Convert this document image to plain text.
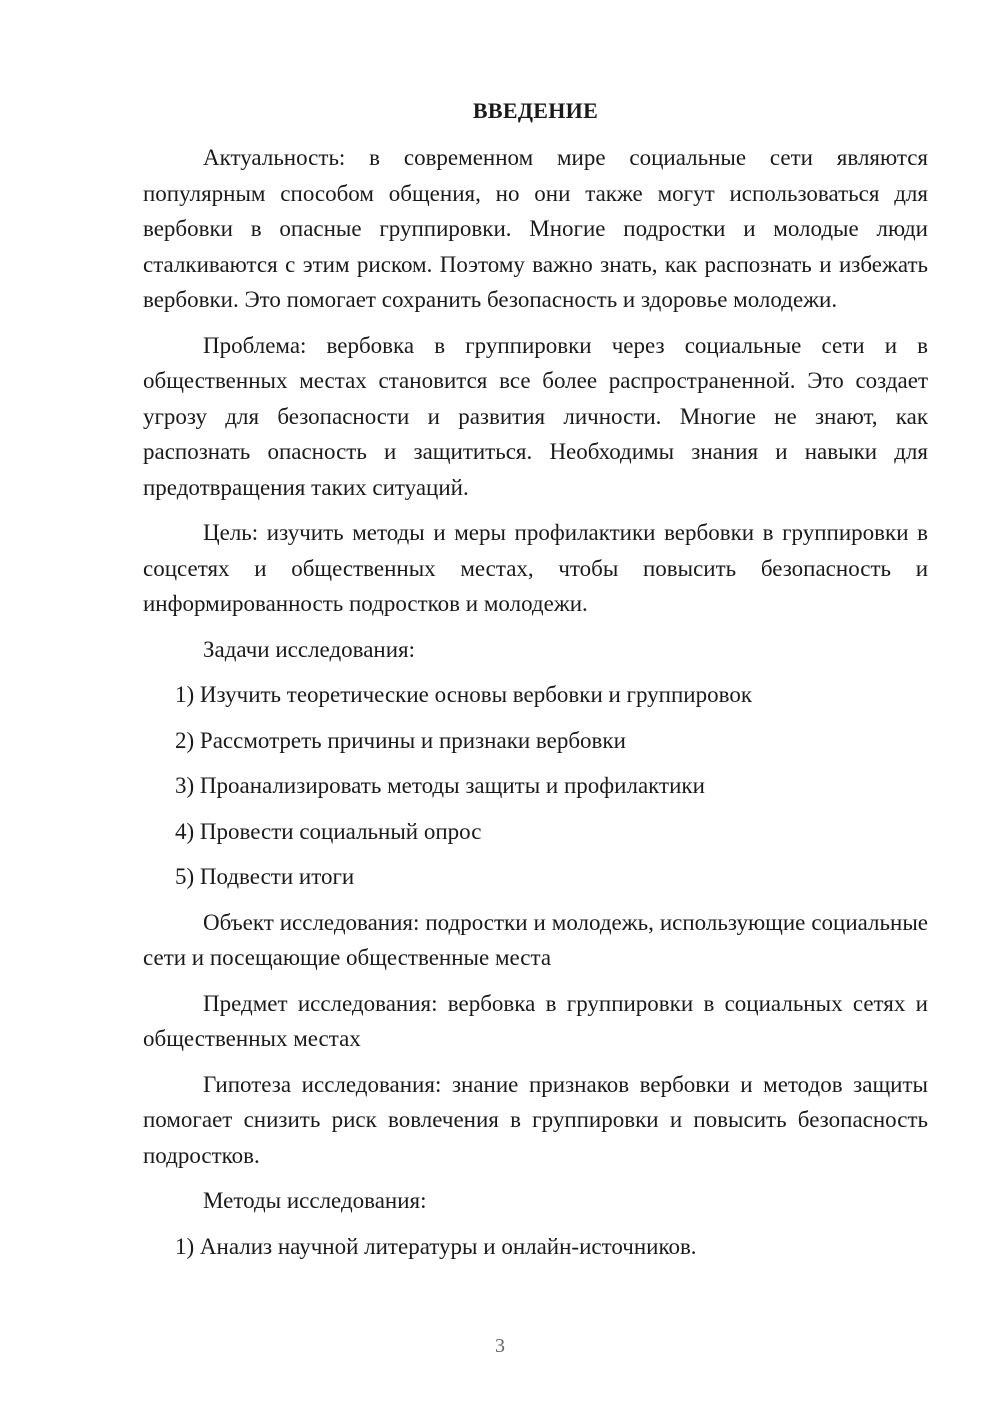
ВВЕДЕНИЕ

Актуальность: в современном мире социальные сети являются популярным способом общения, но они также могут использоваться для вербовки в опасные группировки. Многие подростки и молодые люди сталкиваются с этим риском. Поэтому важно знать, как распознать и избежать вербовки. Это помогает сохранить безопасность и здоровье молодежи.

Проблема: вербовка в группировки через социальные сети и в общественных местах становится все более распространенной. Это создает угрозу для безопасности и развития личности. Многие не знают, как распознать опасность и защититься. Необходимы знания и навыки для предотвращения таких ситуаций.

Цель: изучить методы и меры профилактики вербовки в группировки в соцсетях и общественных местах, чтобы повысить безопасность и информированность подростков и молодежи.

Задачи исследования:

1) Изучить теоретические основы вербовки и группировок

2) Рассмотреть причины и признаки вербовки

3) Проанализировать методы защиты и профилактики

4) Провести социальный опрос

5) Подвести итоги

Объект исследования: подростки и молодежь, использующие социальные сети и посещающие общественные места

Предмет исследования: вербовка в группировки в социальных сетях и общественных местах

Гипотеза исследования: знание признаков вербовки и методов защиты помогает снизить риск вовлечения в группировки и повысить безопасность подростков.

Методы исследования:

1) Анализ научной литературы и онлайн-источников.

3
